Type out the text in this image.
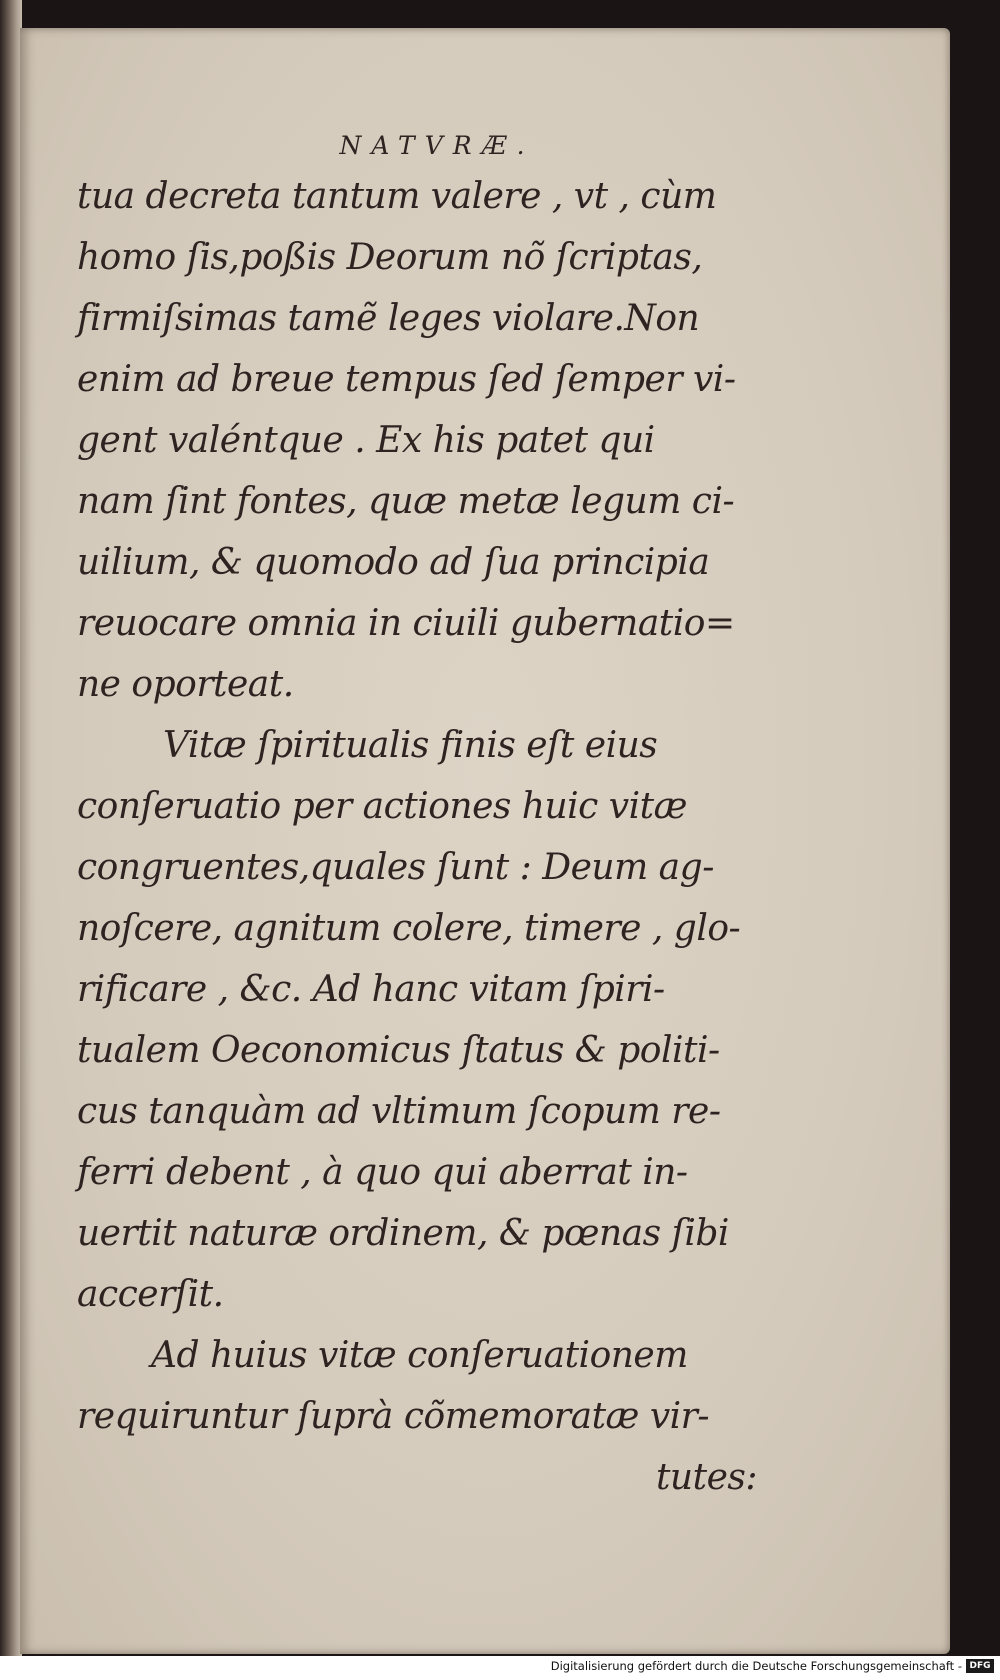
NATVRÆ.
tua decreta tantum valere , vt , cùm
homo ſis,poßis Deorum nõ ſcriptas,
firmiſsimas tamẽ leges violare.Non
enim ad breue tempus ſed ſemper vi-
gent valéntque . Ex his patet qui
nam ſint fontes, quæ metæ legum ci-
uilium, & quomodo ad ſua principia
reuocare omnia in ciuili gubernatio=
ne oporteat.
Vitæ ſpiritualis finis eſt eius
conſeruatio per actiones huic vitæ
congruentes,quales ſunt : Deum ag-
noſcere, agnitum colere, timere , glo-
rificare , &c. Ad hanc vitam ſpiri-
tualem Oeconomicus ſtatus & politi-
cus tanquàm ad vltimum ſcopum re-
ferri debent , à quo qui aberrat in-
uertit naturæ ordinem, & pœnas ſibi
accerſit.
Ad huius vitæ conſeruationem
requiruntur ſuprà cõmemoratæ vir-
tutes:
Digitalisierung gefördert durch die Deutsche Forschungsgemeinschaft - DFG
